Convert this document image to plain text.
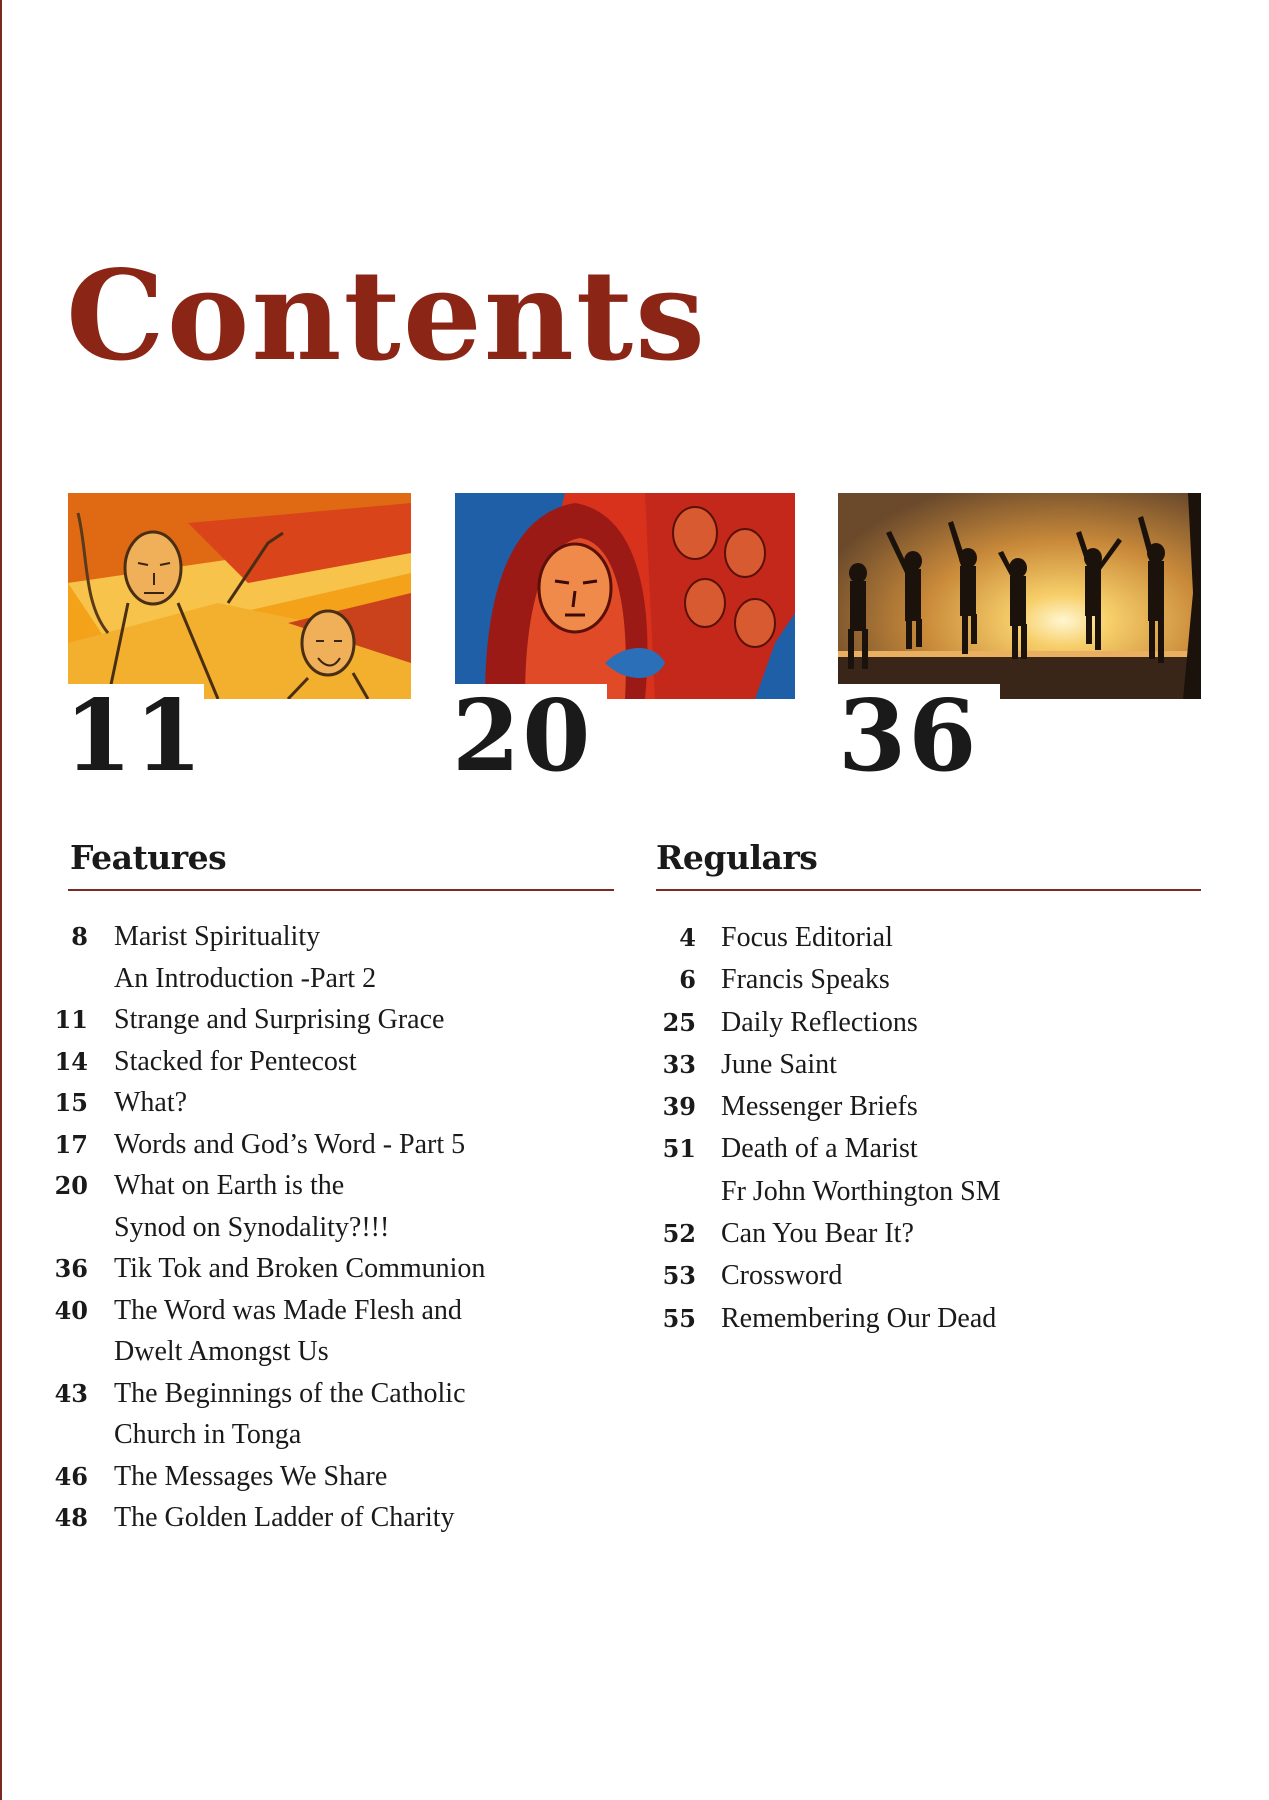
Contents
11	20	36
Features	Regulars
8 Marist Spirituality
An Introduction -Part 2
11 Strange and Surprising Grace
14 Stacked for Pentecost
15 What?
17 Words and God’s Word - Part 5
20 What on Earth is the
Synod on Synodality?!!!
36 Tik Tok and Broken Communion
40 The Word was Made Flesh and
Dwelt Amongst Us
43 The Beginnings of the Catholic
Church in Tonga
46 The Messages We Share
48 The Golden Ladder of Charity
4 Focus Editorial
6 Francis Speaks
25 Daily Reflections
33 June Saint
39 Messenger Briefs
51 Death of a Marist
Fr John Worthington SM
52 Can You Bear It?
53 Crossword
55 Remembering Our Dead
